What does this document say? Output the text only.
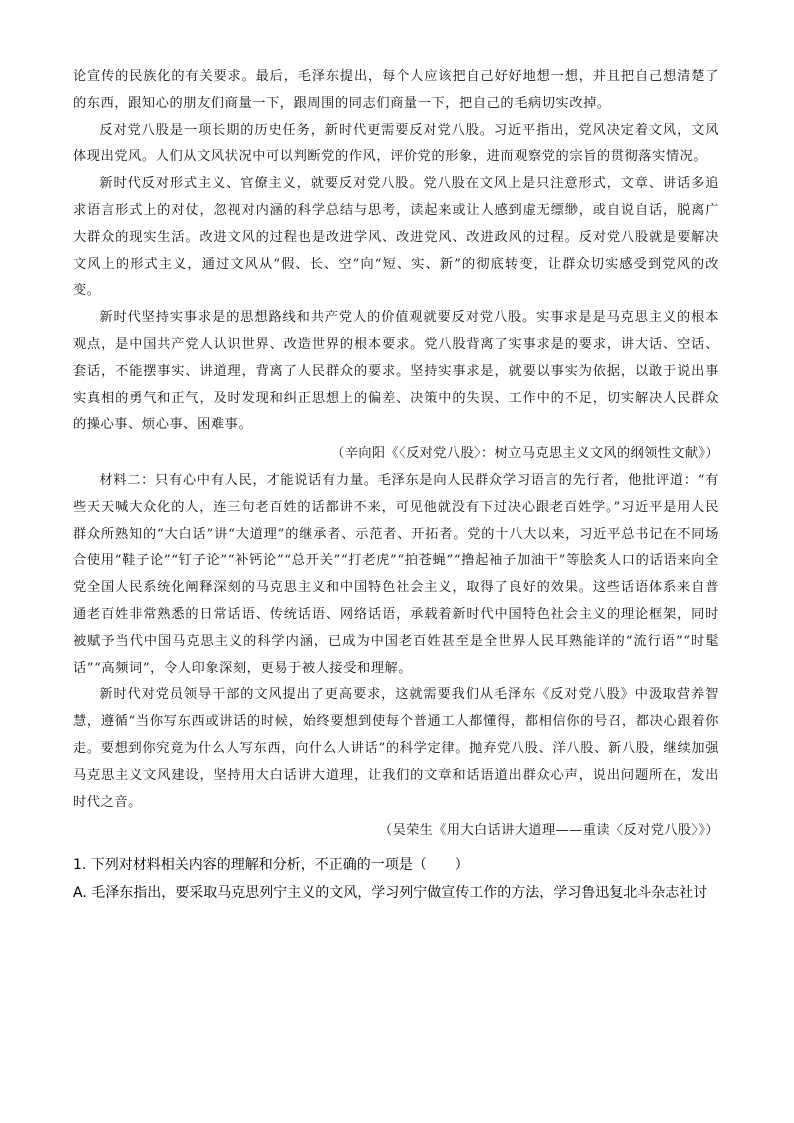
论宣传的民族化的有关要求。最后，毛泽东提出，每个人应该把自己好好地想一想，并且把自己想清楚了的东西，跟知心的朋友们商量一下，跟周围的同志们商量一下，把自己的毛病切实改掉。

反对党八股是一项长期的历史任务，新时代更需要反对党八股。习近平指出，党风决定着文风，文风体现出党风。人们从文风状况中可以判断党的作风，评价党的形象，进而观察党的宗旨的贯彻落实情况。

新时代反对形式主义、官僚主义，就要反对党八股。党八股在文风上是只注意形式，文章、讲话多追求语言形式上的对仗，忽视对内涵的科学总结与思考，读起来或让人感到虚无缥缈，或自说自话，脱离广大群众的现实生活。改进文风的过程也是改进学风、改进党风、改进政风的过程。反对党八股就是要解决文风上的形式主义，通过文风从“假、长、空”向“短、实、新”的彻底转变，让群众切实感受到党风的改变。

新时代坚持实事求是的思想路线和共产党人的价值观就要反对党八股。实事求是是马克思主义的根本观点，是中国共产党人认识世界、改造世界的根本要求。党八股背离了实事求是的要求，讲大话、空话、套话，不能摆事实、讲道理，背离了人民群众的要求。坚持实事求是，就要以事实为依据，以敢于说出事实真相的勇气和正气，及时发现和纠正思想上的偏差、决策中的失误、工作中的不足，切实解决人民群众的操心事、烦心事、困难事。

（辛向阳《〈反对党八股〉：树立马克思主义文风的纲领性文献》）

材料二：只有心中有人民，才能说话有力量。毛泽东是向人民群众学习语言的先行者，他批评道：“有些天天喊大众化的人，连三句老百姓的话都讲不来，可见他就没有下过决心跟老百姓学。”习近平是用人民群众所熟知的“大白话”讲“大道理”的继承者、示范者、开拓者。党的十八大以来，习近平总书记在不同场合使用“鞋子论”“钉子论”“补钙论”“总开关”“打老虎”“拍苍蝇”“撸起袖子加油干”等脍炙人口的话语来向全党全国人民系统化阐释深刻的马克思主义和中国特色社会主义，取得了良好的效果。这些话语体系来自普通老百姓非常熟悉的日常话语、传统话语、网络话语，承载着新时代中国特色社会主义的理论框架，同时被赋予当代中国马克思主义的科学内涵，已成为中国老百姓甚至是全世界人民耳熟能详的“流行语”“时髦话”“高频词”，令人印象深刻，更易于被人接受和理解。

新时代对党员领导干部的文风提出了更高要求，这就需要我们从毛泽东《反对党八股》中汲取营养智慧，遵循“当你写东西或讲话的时候，始终要想到使每个普通工人都懂得，都相信你的号召，都决心跟着你走。要想到你究竟为什么人写东西，向什么人讲话”的科学定律。抛弃党八股、洋八股、新八股，继续加强马克思主义文风建设，坚持用大白话讲大道理，让我们的文章和话语道出群众心声，说出问题所在，发出时代之音。

（吴荣生《用大白话讲大道理——重读〈反对党八股〉》）

1. 下列对材料相关内容的理解和分析，不正确的一项是（　　）

A. 毛泽东指出，要采取马克思列宁主义的文风，学习列宁做宣传工作的方法，学习鲁迅复北斗杂志社讨
